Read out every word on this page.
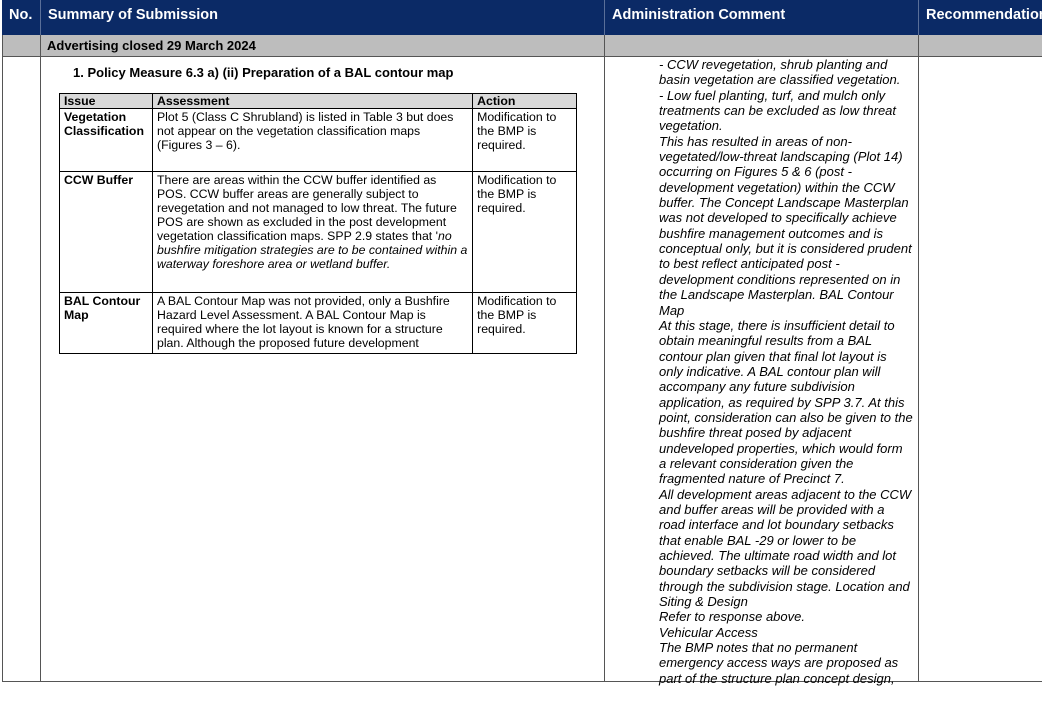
No.	Summary of Submission	Administration Comment	Recommendation
Advertising closed 29 March 2024
1. Policy Measure 6.3 a) (ii) Preparation of a BAL contour map
Issue	Assessment	Action
Vegetation Classification	Plot 5 (Class C Shrubland) is listed in Table 3 but does not appear on the vegetation classification maps (Figures 3 – 6).	Modification to the BMP is required.
CCW Buffer	There are areas within the CCW buffer identified as POS. CCW buffer areas are generally subject to revegetation and not managed to low threat. The future POS are shown as excluded in the post development vegetation classification maps. SPP 2.9 states that 'no bushfire mitigation strategies are to be contained within a waterway foreshore area or wetland buffer.	Modification to the BMP is required.
BAL Contour Map	A BAL Contour Map was not provided, only a Bushfire Hazard Level Assessment. A BAL Contour Map is required where the lot layout is known for a structure plan. Although the proposed future development	Modification to the BMP is required.

- CCW revegetation, shrub planting and basin vegetation are classified vegetation.

- Low fuel planting, turf, and mulch only treatments can be excluded as low threat vegetation.

This has resulted in areas of non-vegetated/low-threat landscaping (Plot 14) occurring on Figures 5 & 6 (post -development vegetation) within the CCW buffer. The Concept Landscape Masterplan was not developed to specifically achieve bushfire management outcomes and is conceptual only, but it is considered prudent to best reflect anticipated post -development conditions represented on in the Landscape Masterplan. BAL Contour Map

At this stage, there is insufficient detail to obtain meaningful results from a BAL contour plan given that final lot layout is only indicative. A BAL contour plan will accompany any future subdivision application, as required by SPP 3.7. At this point, consideration can also be given to the bushfire threat posed by adjacent undeveloped properties, which would form a relevant consideration given the fragmented nature of Precinct 7.

All development areas adjacent to the CCW and buffer areas will be provided with a road interface and lot boundary setbacks that enable BAL -29 or lower to be achieved. The ultimate road width and lot boundary setbacks will be considered through the subdivision stage. Location and Siting & Design

Refer to response above.

Vehicular Access

The BMP notes that no permanent emergency access ways are proposed as part of the structure plan concept design,
